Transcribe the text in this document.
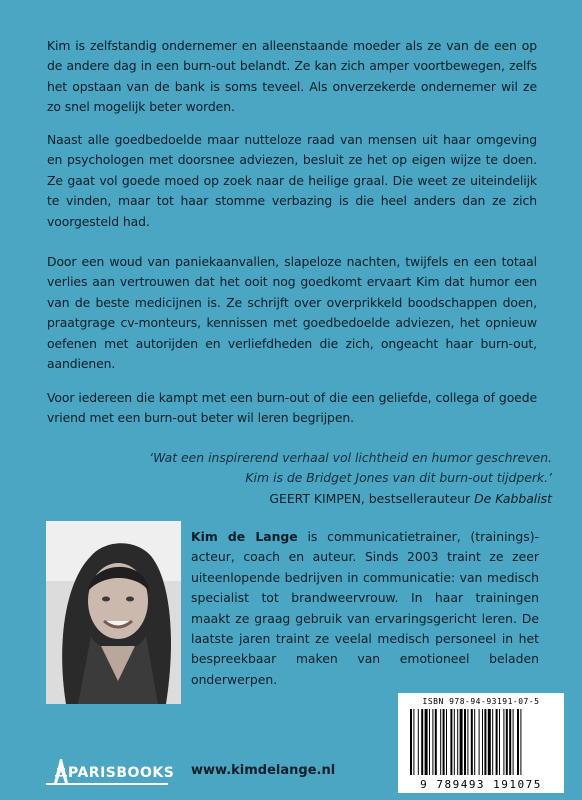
Kim is zelfstandig ondernemer en alleenstaande moeder als ze van de een op de andere dag in een burn-out belandt. Ze kan zich amper voortbewegen, zelfs het opstaan van de bank is soms teveel. Als onverzekerde ondernemer wil ze zo snel mogelijk beter worden.

Naast alle goedbedoelde maar nutteloze raad van mensen uit haar omgeving en psychologen met doorsnee adviezen, besluit ze het op eigen wijze te doen. Ze gaat vol goede moed op zoek naar de heilige graal. Die weet ze uiteindelijk te vinden, maar tot haar stomme verbazing is die heel anders dan ze zich voorgesteld had.

Door een woud van paniekaanvallen, slapeloze nachten, twijfels en een totaal verlies aan vertrouwen dat het ooit nog goedkomt ervaart Kim dat humor een van de beste medicijnen is. Ze schrijft over overprikkeld boodschappen doen, praatgrage cv-monteurs, kennissen met goedbedoelde adviezen, het opnieuw oefenen met autorijden en verliefdheden die zich, ongeacht haar burn-out, aandienen.

Voor iedereen die kampt met een burn-out of die een geliefde, collega of goede vriend met een burn-out beter wil leren begrijpen.

‘Wat een inspirerend verhaal vol lichtheid en humor geschreven.
Kim is de Bridget Jones van dit burn-out tijdperk.’
GEERT KIMPEN, bestsellerauteur De Kabbalist

Kim de Lange is communicatietrainer, (trainings)-acteur, coach en auteur. Sinds 2003 traint ze zeer uiteenlopende bedrijven in communicatie: van medisch specialist tot brandweervrouw. In haar trainingen maakt ze graag gebruik van ervaringsgericht leren. De laatste jaren traint ze veelal medisch personeel in het bespreekbaar maken van emotioneel beladen onderwerpen.

ISBN 978-94-93191-07-5
9 789493 191075
PARISBOOKS www.kimdelange.nl
